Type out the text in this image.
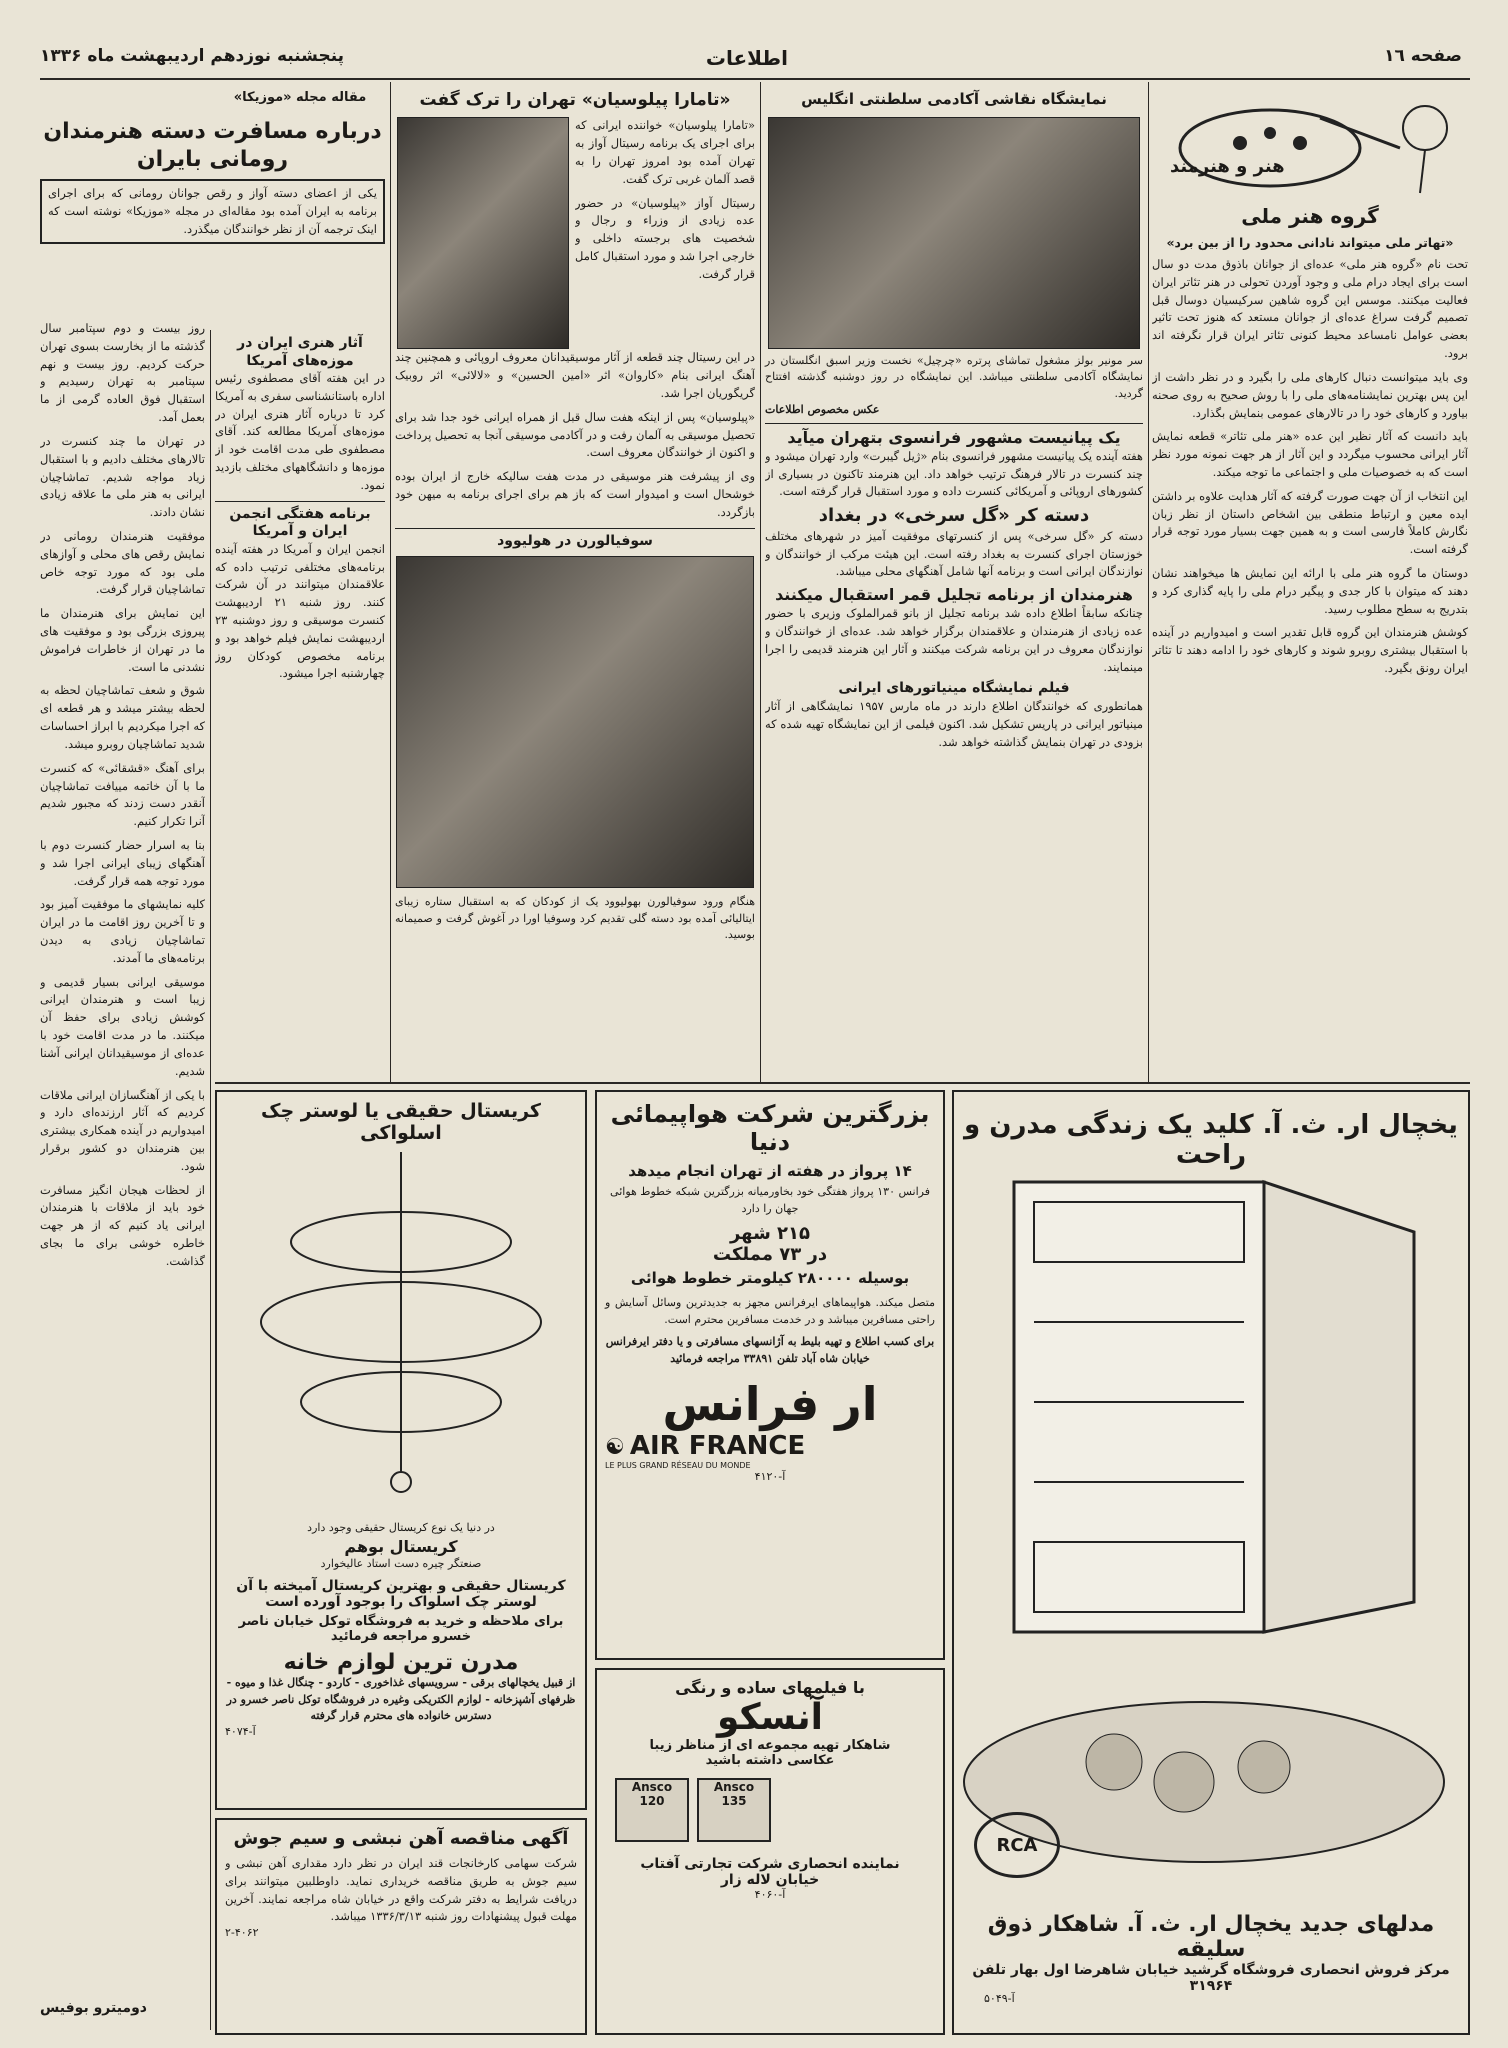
صفحه ۱٦
اطلاعات
پنجشنبه نوزدهم اردیبهشت ماه ۱۳۳۶
هنر و هنرمند
گروه هنر ملی
«تهاتر ملی میتواند نادانی محدود را از بین برد»

تحت نام «گروه هنر ملی» عده‌ای از جوانان باذوق مدت دو سال است برای ایجاد درام ملی و وجود آوردن تحولی در هنر تئاتر ایران فعالیت میکنند. موسس این گروه شاهین سرکیسیان دوسال قبل تصمیم گرفت سراغ عده‌ای از جوانان مستعد که هنوز تحت تاثیر بعضی عوامل نامساعد محیط کنونی تئاتر ایران قرار نگرفته اند برود.

وی باید میتوانست دنبال کارهای ملی را بگیرد و در نظر داشت از این پس بهترین نمایشنامه‌های ملی را با روش صحیح به روی صحنه بیاورد و کارهای خود را در تالارهای عمومی بنمایش بگذارد.

باید دانست که آثار نظیر این عده «هنر ملی تئاتر» قطعه نمایش آثار ایرانی محسوب میگردد و این آثار از هر جهت نمونه مورد نظر است که به خصوصیات ملی و اجتماعی ما توجه میکند.

این انتخاب از آن جهت صورت گرفته که آثار هدایت علاوه بر داشتن ایده معین و ارتباط منطقی بین اشخاص داستان از نظر زبان نگارش کاملاً فارسی است و به همین جهت بسیار مورد توجه قرار گرفته است.

دوستان ما گروه هنر ملی با ارائه این نمایش ها میخواهند نشان دهند که میتوان با کار جدی و پیگیر درام ملی را پایه گذاری کرد و بتدریج به سطح مطلوب رسید.

کوشش هنرمندان این گروه قابل تقدیر است و امیدواریم در آینده با استقبال بیشتری روبرو شوند و کارهای خود را ادامه دهند تا تئاتر ایران رونق بگیرد.

نمایشگاه نقاشی آکادمی سلطنتی انگلیس
سر مونیر بولز مشغول تماشای پرتره «چرچیل» نخست وزیر اسبق انگلستان در نمایشگاه آکادمی سلطنتی میباشد. این نمایشگاه در روز دوشنبه گذشته افتتاح گردید.
عکس مخصوص اطلاعات
یک پیانیست مشهور فرانسوی بتهران میآید
هفته آینده یک پیانیست مشهور فرانسوی بنام «ژیل گیبرت» وارد تهران میشود و چند کنسرت در تالار فرهنگ ترتیب خواهد داد. این هنرمند تاکنون در بسیاری از کشورهای اروپائی و آمریکائی کنسرت داده و مورد استقبال قرار گرفته است.
دسته کر «گل سرخی» در بغداد
دسته کر «گل سرخی» پس از کنسرتهای موفقیت آمیز در شهرهای مختلف خوزستان اجرای کنسرت به بغداد رفته است. این هیئت مرکب از خوانندگان و نوازندگان ایرانی است و برنامه آنها شامل آهنگهای محلی میباشد.
هنرمندان از برنامه تجلیل قمر استقبال میکنند
چنانکه سابقاً اطلاع داده شد برنامه تجلیل از بانو قمرالملوک وزیری با حضور عده زیادی از هنرمندان و علاقمندان برگزار خواهد شد. عده‌ای از خوانندگان و نوازندگان معروف در این برنامه شرکت میکنند و آثار این هنرمند قدیمی را اجرا مینمایند.
فیلم نمایشگاه مینیاتورهای ایرانی
همانطوری که خوانندگان اطلاع دارند در ماه مارس ۱۹۵۷ نمایشگاهی از آثار مینیاتور ایرانی در پاریس تشکیل شد. اکنون فیلمی از این نمایشگاه تهیه شده که بزودی در تهران بنمایش گذاشته خواهد شد.
«تامارا پیلوسیان» تهران را ترک گفت

«تامارا پیلوسیان» خواننده ایرانی که برای اجرای یک برنامه رسیتال آواز به تهران آمده بود امروز تهران را به قصد آلمان غربی ترک گفت.

رسیتال آواز «پیلوسیان» در حضور عده زیادی از وزراء و رجال و شخصیت های برجسته داخلی و خارجی اجرا شد و مورد استقبال کامل قرار گرفت.

در این رسیتال چند قطعه از آثار موسیقیدانان معروف اروپائی و همچنین چند آهنگ ایرانی بنام «کاروان» اثر «امین الحسین» و «لالائی» اثر روبیک گریگوریان اجرا شد.

«پیلوسیان» پس از اینکه هفت سال قبل از همراه ایرانی خود جدا شد برای تحصیل موسیقی به آلمان رفت و در آکادمی موسیقی آنجا به تحصیل پرداخت و اکنون از خوانندگان معروف است.

وی از پیشرفت هنر موسیقی در مدت هفت سالیکه خارج از ایران بوده خوشحال است و امیدوار است که باز هم برای اجرای برنامه به میهن خود بازگردد.

سوفیالورن در هولیوود
هنگام ورود سوفیالورن بهولیوود یک از کودکان که به استقبال ستاره زیبای ایتالیائی آمده بود دسته گلی تقدیم کرد وسوفیا اورا در آغوش گرفت و صمیمانه بوسید.
مقاله مجله «موزیکا»
درباره مسافرت دسته هنرمندان رومانی بایران
یکی از اعضای دسته آواز و رقص جوانان رومانی که برای اجرای برنامه به ایران آمده بود مقاله‌ای در مجله «موزیکا» نوشته است که اینک ترجمه آن از نظر خوانندگان میگذرد.
آثار هنری ایران در موزه‌های آمریکا
در این هفته آقای مصطفوی رئیس اداره باستانشناسی سفری به آمریکا کرد تا درباره آثار هنری ایران در موزه‌های آمریکا مطالعه کند. آقای مصطفوی طی مدت اقامت خود از موزه‌ها و دانشگاههای مختلف بازدید نمود.
برنامه هفتگی انجمن ایران و آمریکا
انجمن ایران و آمریکا در هفته آینده برنامه‌های مختلفی ترتیب داده که علاقمندان میتوانند در آن شرکت کنند. روز شنبه ۲۱ اردیبهشت کنسرت موسیقی و روز دوشنبه ۲۳ اردیبهشت نمایش فیلم خواهد بود و برنامه مخصوص کودکان روز چهارشنبه اجرا میشود.

روز بیست و دوم سپتامبر سال گذشته ما از بخارست بسوی تهران حرکت کردیم. روز بیست و نهم سپتامبر به تهران رسیدیم و استقبال فوق العاده گرمی از ما بعمل آمد.

در تهران ما چند کنسرت در تالارهای مختلف دادیم و با استقبال زیاد مواجه شدیم. تماشاچیان ایرانی به هنر ملی ما علاقه زیادی نشان دادند.

موفقیت هنرمندان رومانی در نمایش رقص های محلی و آوازهای ملی بود که مورد توجه خاص تماشاچیان قرار گرفت.

این نمایش برای هنرمندان ما پیروزی بزرگی بود و موفقیت های ما در تهران از خاطرات فراموش نشدنی ما است.

شوق و شعف تماشاچیان لحظه به لحظه بیشتر میشد و هر قطعه ای که اجرا میکردیم با ابراز احساسات شدید تماشاچیان روبرو میشد.

برای آهنگ «قشقائی» که کنسرت ما با آن خاتمه مییافت تماشاچیان آنقدر دست زدند که مجبور شدیم آنرا تکرار کنیم.

بنا به اسرار حضار کنسرت دوم با آهنگهای زیبای ایرانی اجرا شد و مورد توجه همه قرار گرفت.

کلیه نمایشهای ما موفقیت آمیز بود و تا آخرین روز اقامت ما در ایران تماشاچیان زیادی به دیدن برنامه‌های ما آمدند.

موسیقی ایرانی بسیار قدیمی و زیبا است و هنرمندان ایرانی کوشش زیادی برای حفظ آن میکنند. ما در مدت اقامت خود با عده‌ای از موسیقیدانان ایرانی آشنا شدیم.

با یکی از آهنگسازان ایرانی ملاقات کردیم که آثار ارزنده‌ای دارد و امیدواریم در آینده همکاری بیشتری بین هنرمندان دو کشور برقرار شود.

از لحظات هیجان انگیز مسافرت خود باید از ملاقات با هنرمندان ایرانی یاد کنیم که از هر جهت خاطره خوشی برای ما بجای گذاشت.

دومیترو بوفیس
یخچال ار. ث. آ. کلید یک زندگی مدرن و راحت
RCA
مدلهای جدید یخچال ار. ث. آ. شاهکار ذوق سلیقه
مرکز فروش انحصاری فروشگاه گرشید خیابان شاهرضا اول بهار تلفن ۳۱۹۶۴
آ-۵۰۴۹
بزرگترین شرکت هواپیمائی دنیا
۱۴ پرواز در هفته از تهران انجام میدهد
فرانس ۱۳۰ پرواز هفتگی خود بخاورمیانه بزرگترین شبکه خطوط هوائی جهان را دارد
۲۱۵ شهر
در ۷۳ مملکت
بوسیله ۲۸۰۰۰۰ کیلومتر خطوط هوائی
متصل میکند. هواپیماهای ایرفرانس مجهز به جدیدترین وسائل آسایش و راحتی مسافرین میباشد و در خدمت مسافرین محترم است.
برای کسب اطلاع و تهیه بلیط به آژانسهای مسافرتی و یا دفتر ایرفرانس خیابان شاه آباد تلفن ۳۳۸۹۱ مراجعه فرمائید
ار فرانس
☯ AIR FRANCE
LE PLUS GRAND RÉSEAU DU MONDE
آ-۴۱۲۰
با فیلمهای ساده و رنگی
آنسکو
شاهکار تهیه مجموعه ای از مناظر زیبا
عکاسی داشته باشید
Ansco
120
Ansco
135
نماینده انحصاری شرکت تجارتی آفتاب
خیابان لاله زار
آ-۴۰۶۰
کریستال حقیقی یا لوستر چک اسلواکی
در دنیا یک نوع کریستال حقیقی وجود دارد
کریستال بوهم
صنعتگر چیره دست استاد عالیخوارد
کریستال حقیقی و بهترین کریستال آمیخته با آن لوستر چک اسلواک را بوجود آورده است
برای ملاحظه و خرید به فروشگاه توکل خیابان ناصر خسرو مراجعه فرمائید
مدرن ترین لوازم خانه
از قبیل یخچالهای برقی - سرویسهای غذاخوری - کاردو - چنگال غذا و میوه - ظرفهای آشپزخانه - لوازم الکتریکی وغیره در فروشگاه توکل ناصر خسرو در دسترس خانواده های محترم قرار گرفته
آ-۴۰۷۴
آگهی مناقصه آهن نبشی و سیم جوش
شرکت سهامی کارخانجات قند ایران در نظر دارد مقداری آهن نبشی و سیم جوش به طریق مناقصه خریداری نماید. داوطلبین میتوانند برای دریافت شرایط به دفتر شرکت واقع در خیابان شاه مراجعه نمایند. آخرین مهلت قبول پیشنهادات روز شنبه ۱۳۳۶/۳/۱۳ میباشد.
۲-۴۰۶۲
